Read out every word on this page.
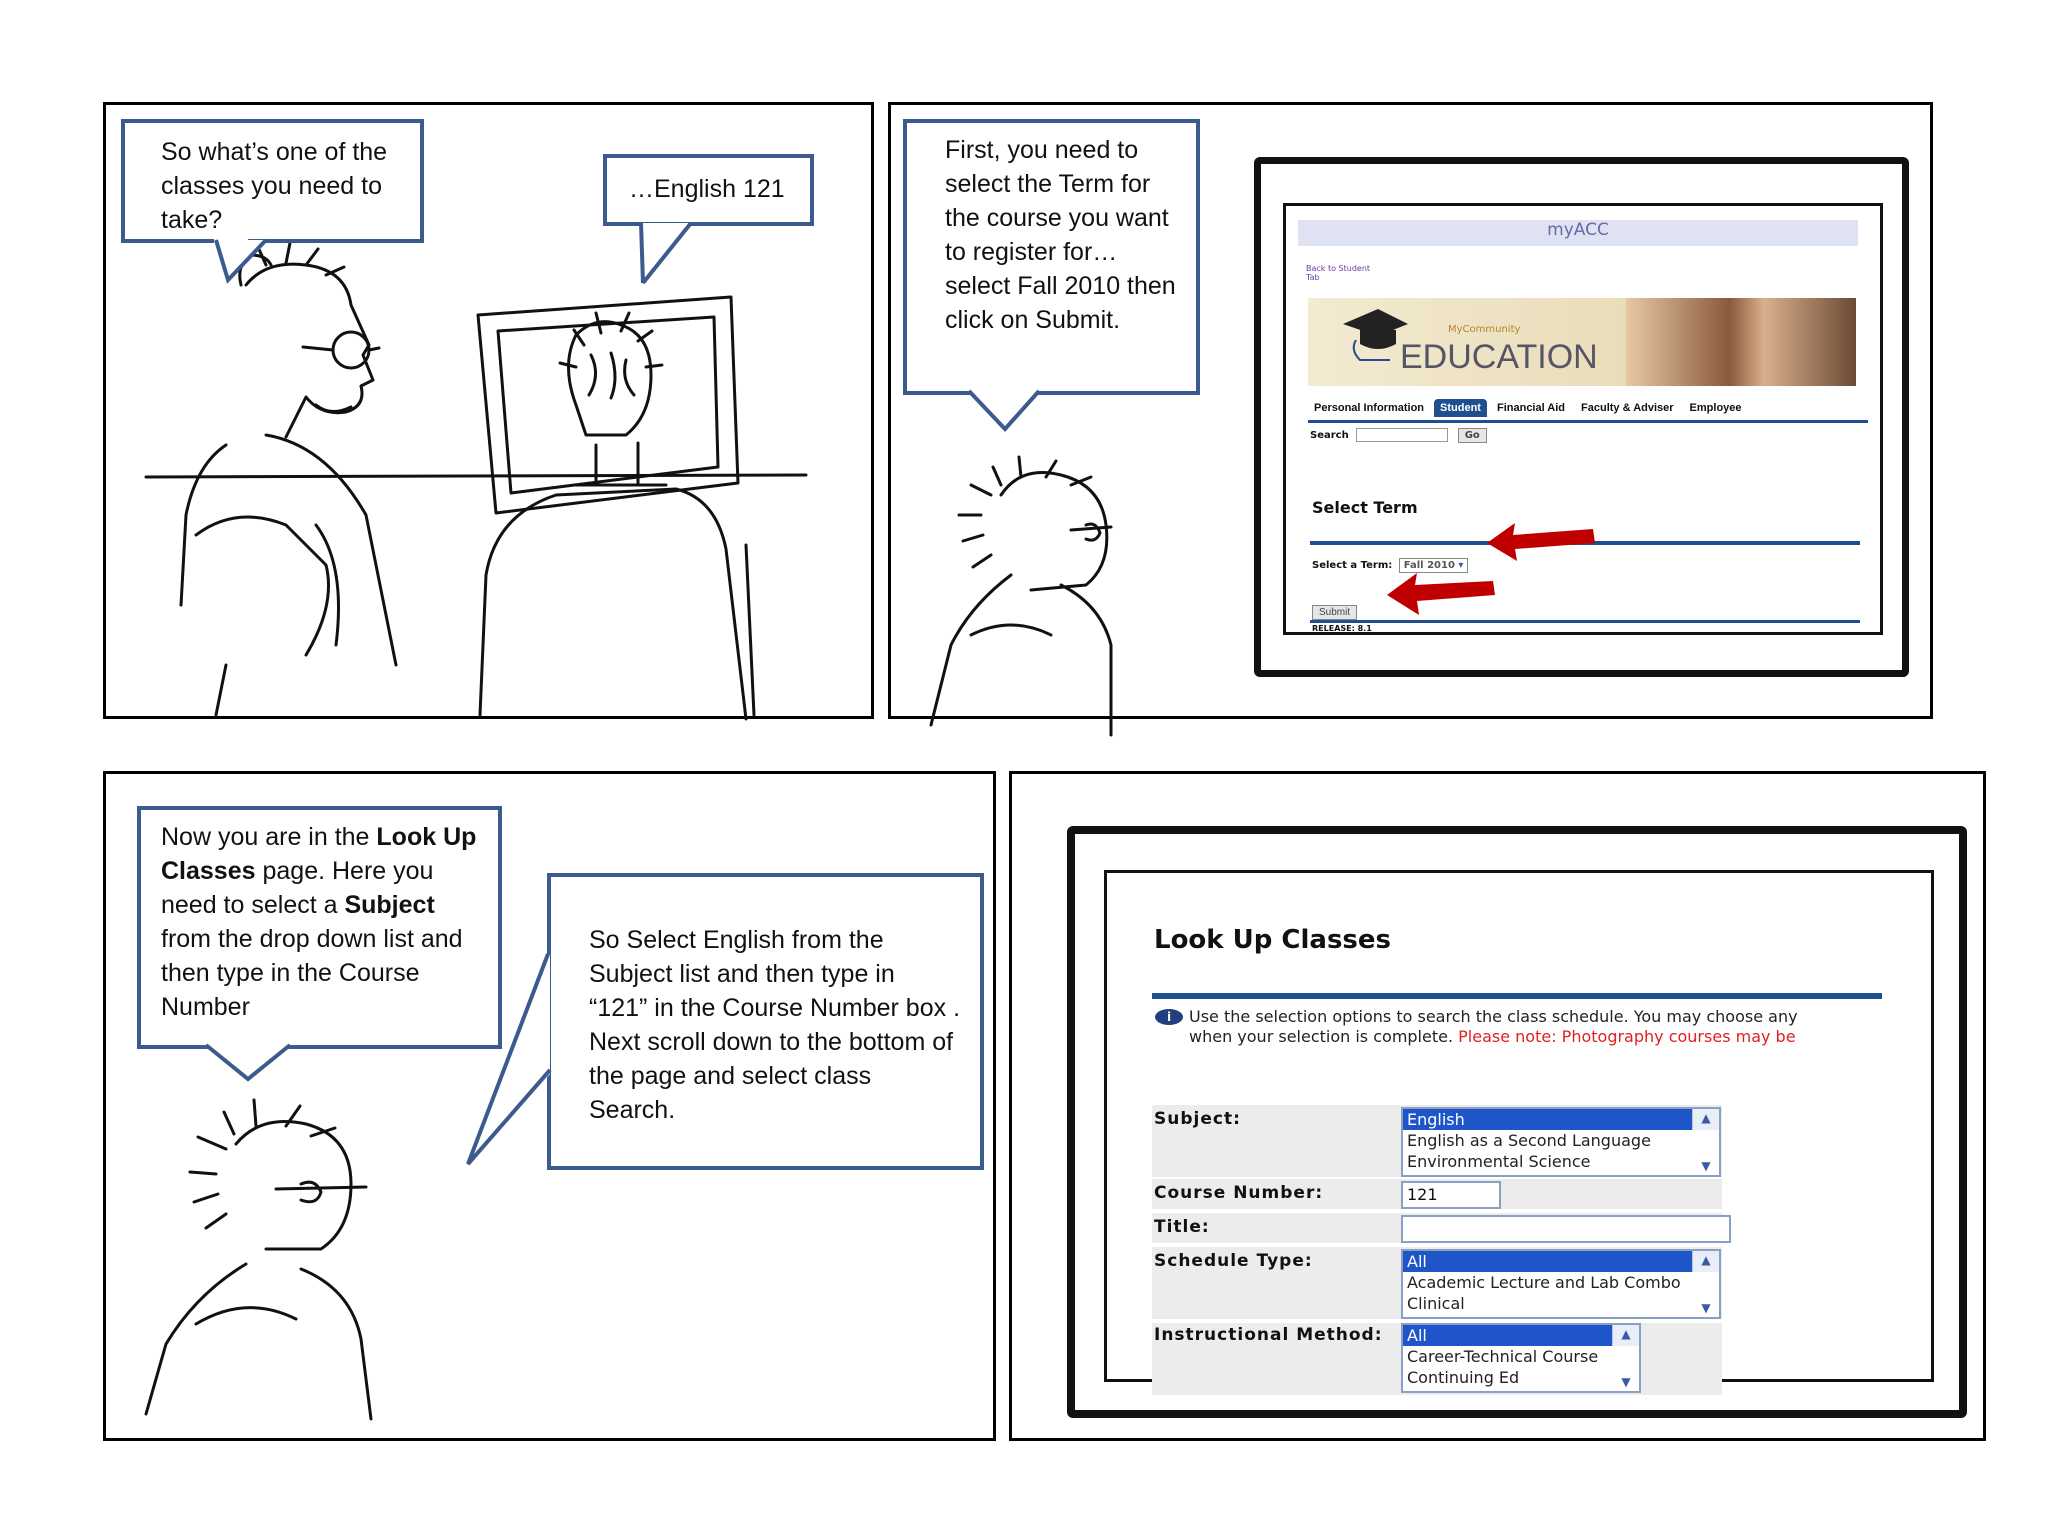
So what’s one of the classes you need to take?
…English 121
First, you need to select the Term for the course you want to register for…select Fall 2010 then click on Submit.
myACC
Back to Student Tab
MyCommunity
EDUCATION
Personal Information Student Financial Aid Faculty & Adviser Employee
Search	Go
Select Term
Select a Term: Fall 2010 ▾
Submit
RELEASE: 8.1
Now you are in the Look Up Classes page. Here you need to select a Subject from the drop down list and then type in the Course Number
So Select English from the Subject list and then type in “121” in the Course Number box . Next scroll down to the bottom of the page and select class Search.
Look Up Classes
i	Use the selection options to search the class schedule. You may choose any
when your selection is complete. Please note: Photography courses may be
Subject:	English
English as a Second Language
Environmental Science
▲
▼
Course Number:	121
Title:
Schedule Type:	All
Academic Lecture and Lab Combo
Clinical
▲
▼
Instructional Method: All
Career-Technical Course
Continuing Ed
▲
▼
